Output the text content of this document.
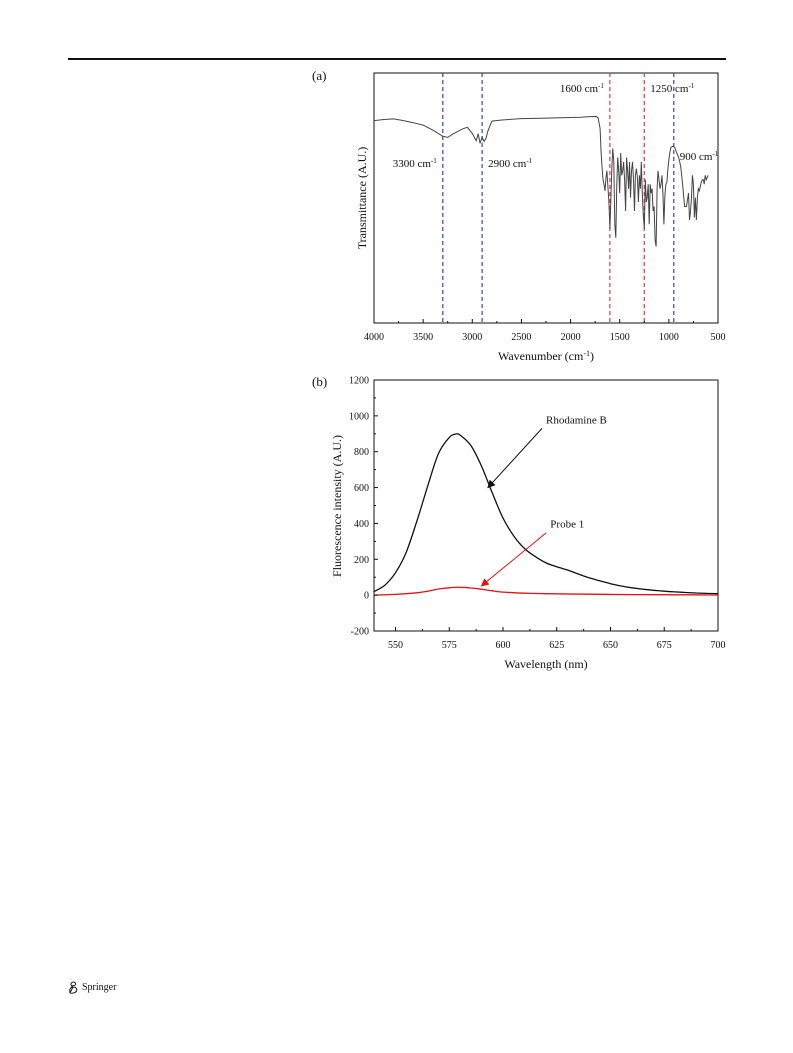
(a)
3300 $cm^{-1}$	2900 $cm^{-1}$
1600 $cm^{-1}$	1250 $cm^{-1}$
900 $cm^{-1}$
4000	3500	3000	2500	2000	1500	1000	500
Transmittance (A.U.)
Wavenumber $(cm^{-1})$
(b)
550	575	600	625	650	675	700
-200
0
200
400
600
800
1000
1200
Rhodamine B
Probe 1
Fluorescence intensity (A.U.)
Wavelength (nm)
Springer
